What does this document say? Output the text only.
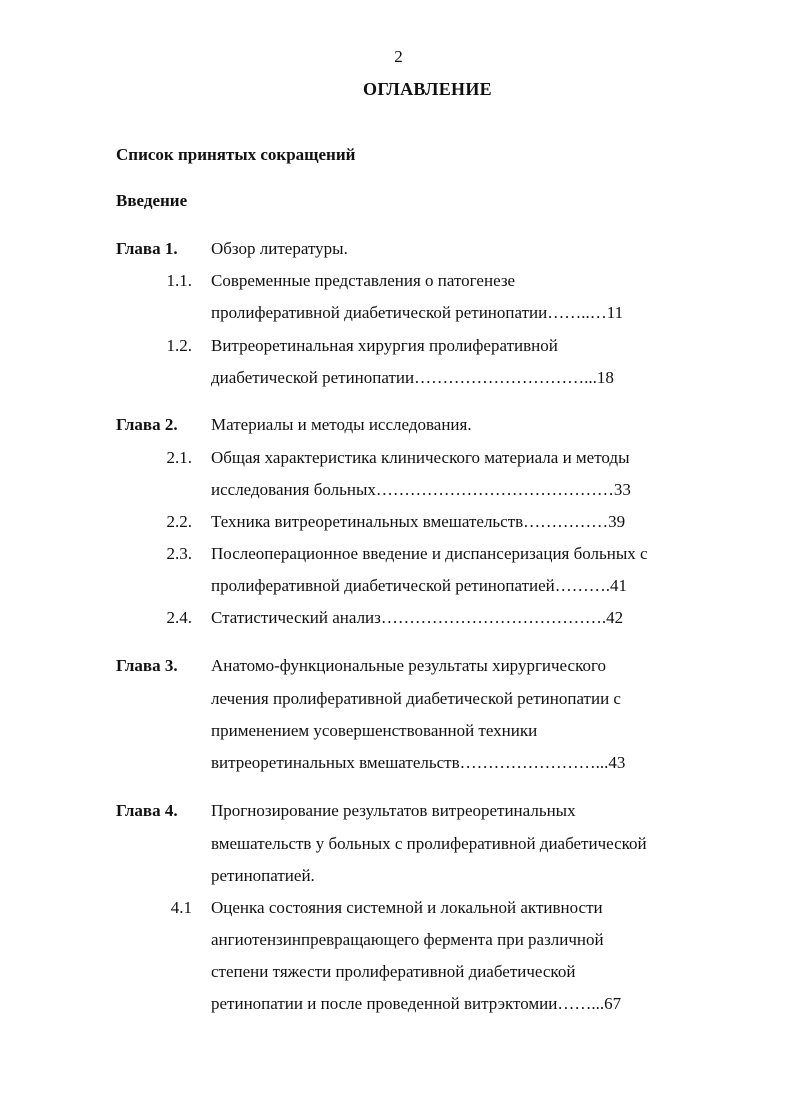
2
ОГЛАВЛЕНИЕ
Список принятых сокращений
Введение
Глава 1. Обзор литературы.
1.1. Современные представления о патогенезе
пролиферативной диабетической ретинопатии……..…11
1.2. Витреоретинальная хирургия пролиферативной
диабетической ретинопатии…………………………...18
Глава 2. Материалы и методы исследования.
2.1. Общая характеристика клинического материала и методы
исследования больных……………………………………33
2.2. Техника витреоретинальных вмешательств……………39
2.3. Послеоперационное введение и диспансеризация больных с
пролиферативной диабетической ретинопатией……….41
2.4. Статистический анализ………………………………….42
Глава 3. Анатомо-функциональные результаты хирургического
лечения пролиферативной диабетической ретинопатии с
применением усовершенствованной техники
витреоретинальных вмешательств……………………...43
Глава 4. Прогнозирование результатов витреоретинальных
вмешательств у больных с пролиферативной диабетической
ретинопатией.
4.1 Оценка состояния системной и локальной активности
ангиотензинпревращающего фермента при различной
степени тяжести пролиферативной диабетической
ретинопатии и после проведенной витрэктомии……...67
